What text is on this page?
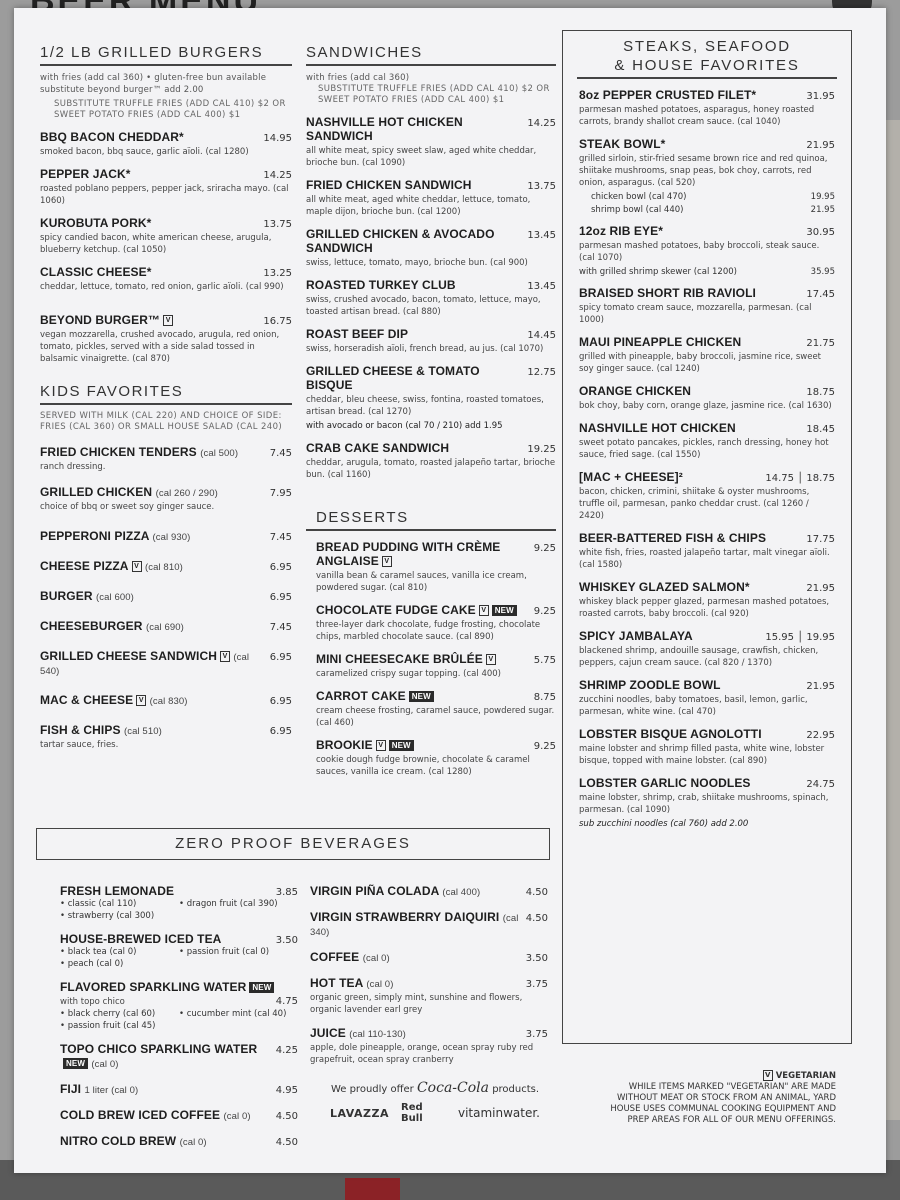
1/2 LB GRILLED BURGERS
with fries (add cal 360) • gluten-free bun available
substitute beyond burger™ add 2.00
SUBSTITUTE TRUFFLE FRIES (ADD CAL 410) $2 OR SWEET POTATO FRIES (ADD CAL 400) $1
BBQ BACON CHEDDAR*	14.95
smoked bacon, bbq sauce, garlic aïoli. (cal 1280)
PEPPER JACK*	14.25
roasted poblano peppers, pepper jack, sriracha mayo. (cal 1060)
KUROBUTA PORK*	13.75
spicy candied bacon, white american cheese, arugula, blueberry ketchup. (cal 1050)
CLASSIC CHEESE*	13.25
cheddar, lettuce, tomato, red onion, garlic aïoli. (cal 990)
BEYOND BURGER™ V	16.75
vegan mozzarella, crushed avocado, arugula, red onion, tomato, pickles, served with a side salad tossed in balsamic vinaigrette. (cal 870)
KIDS FAVORITES
SERVED WITH MILK (CAL 220) AND CHOICE OF SIDE: FRIES (CAL 360) OR SMALL HOUSE SALAD (CAL 240)
FRIED CHICKEN TENDERS (cal 500)	7.45
ranch dressing.
GRILLED CHICKEN (cal 260 / 290)	7.95
choice of bbq or sweet soy ginger sauce.
PEPPERONI PIZZA (cal 930)	7.45
CHEESE PIZZA V (cal 810)	6.95
BURGER (cal 600)	6.95
CHEESEBURGER (cal 690)	7.45
GRILLED CHEESE SANDWICH V (cal 540)
6.95
MAC & CHEESE V (cal 830)	6.95
FISH & CHIPS (cal 510)	6.95
tartar sauce, fries.
SANDWICHES
with fries (add cal 360)
SUBSTITUTE TRUFFLE FRIES (ADD CAL 410) $2 OR SWEET POTATO FRIES (ADD CAL 400) $1
NASHVILLE HOT CHICKEN SANDWICH
14.25
all white meat, spicy sweet slaw, aged white cheddar, brioche bun. (cal 1090)
FRIED CHICKEN SANDWICH	13.75
all white meat, aged white cheddar, lettuce, tomato, maple dijon, brioche bun. (cal 1200)
GRILLED CHICKEN & AVOCADO SANDWICH
13.45
swiss, lettuce, tomato, mayo, brioche bun. (cal 900)
ROASTED TURKEY CLUB	13.45
swiss, crushed avocado, bacon, tomato, lettuce, mayo, toasted artisan bread. (cal 880)
ROAST BEEF DIP	14.45
swiss, horseradish aïoli, french bread, au jus. (cal 1070)
GRILLED CHEESE & TOMATO BISQUE
12.75
cheddar, bleu cheese, swiss, fontina, roasted tomatoes, artisan bread. (cal 1270)
with avocado or bacon (cal 70 / 210) add 1.95
CRAB CAKE SANDWICH	19.25
cheddar, arugula, tomato, roasted jalapeño tartar, brioche bun. (cal 1160)
DESSERTS
BREAD PUDDING WITH CRÈME ANGLAISE V
9.25
vanilla bean & caramel sauces, vanilla ice cream, powdered sugar. (cal 810)
CHOCOLATE FUDGE CAKE V NEW	9.25
three-layer dark chocolate, fudge frosting, chocolate chips, marbled chocolate sauce. (cal 890)
MINI CHEESECAKE BRÛLÉE V	5.75
caramelized crispy sugar topping. (cal 400)
CARROT CAKE NEW	8.75
cream cheese frosting, caramel sauce, powdered sugar. (cal 460)
BROOKIE V NEW	9.25
cookie dough fudge brownie, chocolate & caramel sauces, vanilla ice cream. (cal 1280)
STEAKS, SEAFOOD
& HOUSE FAVORITES
8oz PEPPER CRUSTED FILET*	31.95
parmesan mashed potatoes, asparagus, honey roasted carrots, brandy shallot cream sauce. (cal 1040)
STEAK BOWL*	21.95
grilled sirloin, stir-fried sesame brown rice and red quinoa, shiitake mushrooms, snap peas, bok choy, carrots, red onion, asparagus. (cal 520)
chicken bowl (cal 470)	19.95
shrimp bowl (cal 440)	21.95
12oz RIB EYE*	30.95
parmesan mashed potatoes, baby broccoli, steak sauce. (cal 1070)
with grilled shrimp skewer (cal 1200)	35.95
BRAISED SHORT RIB RAVIOLI	17.45
spicy tomato cream sauce, mozzarella, parmesan. (cal 1000)
MAUI PINEAPPLE CHICKEN	21.75
grilled with pineapple, baby broccoli, jasmine rice, sweet soy ginger sauce. (cal 1240)
ORANGE CHICKEN	18.75
bok choy, baby corn, orange glaze, jasmine rice. (cal 1630)
NASHVILLE HOT CHICKEN	18.45
sweet potato pancakes, pickles, ranch dressing, honey hot sauce, fried sage. (cal 1550)
[MAC + CHEESE]²	14.75 │ 18.75
bacon, chicken, crimini, shiitake & oyster mushrooms, truffle oil, parmesan, panko cheddar crust. (cal 1260 / 2420)
BEER-BATTERED FISH & CHIPS	17.75
white fish, fries, roasted jalapeño tartar, malt vinegar aïoli. (cal 1580)
WHISKEY GLAZED SALMON*	21.95
whiskey black pepper glazed, parmesan mashed potatoes, roasted carrots, baby broccoli. (cal 920)
SPICY JAMBALAYA	15.95 │ 19.95
blackened shrimp, andouille sausage, crawfish, chicken, peppers, cajun cream sauce. (cal 820 / 1370)
SHRIMP ZOODLE BOWL	21.95
zucchini noodles, baby tomatoes, basil, lemon, garlic, parmesan, white wine. (cal 470)
LOBSTER BISQUE AGNOLOTTI	22.95
maine lobster and shrimp filled pasta, white wine, lobster bisque, topped with maine lobster. (cal 890)
LOBSTER GARLIC NOODLES	24.75
maine lobster, shrimp, crab, shiitake mushrooms, spinach, parmesan. (cal 1090)
sub zucchini noodles (cal 760) add 2.00
ZERO PROOF BEVERAGES
FRESH LEMONADE	3.85
• classic (cal 110)	• dragon fruit (cal 390)
• strawberry (cal 300)
HOUSE-BREWED ICED TEA	3.50
• black tea (cal 0)	• passion fruit (cal 0)
• peach (cal 0)
FLAVORED SPARKLING WATER NEW
with topo chico	4.75
• black cherry (cal 60)	• cucumber mint (cal 40)
• passion fruit (cal 45)
TOPO CHICO SPARKLING WATERNEW (cal 0)
4.25
FIJI 1 liter (cal 0)	4.95
COLD BREW ICED COFFEE (cal 0)	4.50
NITRO COLD BREW (cal 0)	4.50
VIRGIN PIÑA COLADA (cal 400)	4.50
VIRGIN STRAWBERRY DAIQUIRI (cal 340)
4.50
COFFEE (cal 0)	3.50
HOT TEA (cal 0)	3.75
organic green, simply mint, sunshine and flowers, organic lavender earl grey
JUICE (cal 110-130)	3.75
apple, dole pineapple, orange, ocean spray ruby red grapefruit, ocean spray cranberry
We proudly offer Coca-Cola products.
LAVAZZA Red Bull	vitaminwater.
V VEGETARIAN
WHILE ITEMS MARKED "VEGETARIAN" ARE MADE WITHOUT MEAT OR STOCK FROM AN ANIMAL, YARD HOUSE USES COMMUNAL COOKING EQUIPMENT AND PREP AREAS FOR ALL OF OUR MENU OFFERINGS.
